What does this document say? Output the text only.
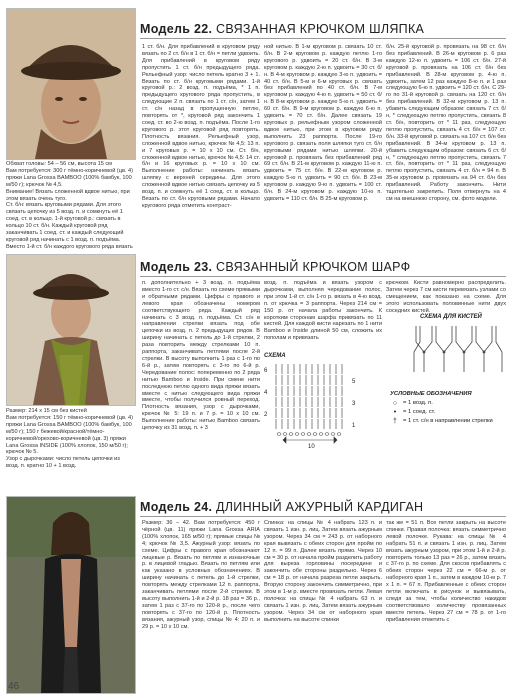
Модель 22. СВЯЗАННАЯ КРЮЧКОМ ШЛЯПКА

Обхват головы: 54 – 56 см, высота 15 см

Вам потребуется: 300 г тёмно-коричневой (цв. 4) пряжи Lana Grossa BAMBOO (100% бамбук, 100 м/50 г); крючок № 4,5.

Внимание! Вязать сложенной вдвое нитью, при этом вязать очень туго.

Ст. б/н: вязать круговыми рядами. Для этого связать цепочку из 5 возд. п. и сомкнуть её 1 соед. ст. в кольцо. 1-й круговой р.: связать в кольцо 10 ст. б/н. Каждый круговой ряд заканчивать 1 соед. ст. и каждый следующий круговой ряд начинать с 1 возд. п. подъёма. Вместо 1-й ст. б/н каждого кругового ряда вязать

1 ст. б/н. Для прибавлений в круговом ряду вязать по 2 ст. б/н в 1 ст. б/н = петли удвоить. Для прибавлений в круговом ряду пропустить 1 ст. б/н предыдущего ряда. Рельефный узор: число петель кратно 3 + 1. Вязать по ст. б/н круговыми рядами. 1-й круговой р.: 2 возд. п. подъёма, * 1 п. предыдущего кругового ряда пропустить, в следующие 2 п. связать по 1 ст. с/н, затем 1 ст. с/н назад в пропущенную петлю, повторять от *, круговой ряд закончить 1 соед. ст. во 2-ю возд. п. подъёма. После 1-го кругового р. этот круговой ряд повторять. Плотность вязания. Рельефный узор, сложенной вдвое нитью, крючок № 4,5: 13 п. и 7 круговых р. = 10 х 10 см. Ст. б/н, сложенной вдвое нитью, крючок № 4,5: 14 ст. б/н и 16 круговых р. = 10 х 10 см. Выполнение работы: начинать вязать шляпку с верхней середины. Для этого сложенной вдвое нитью связать цепочку из 5 возд. п. и сомкнуть её 1 соед. ст. в кольцо. Вязать по ст. б/н круговыми рядами. Начало кругового ряда отметить контраст-

ной нитью. В 1-м круговом р. связать 10 ст. б/н. В 2-м круговом р. каждую петлю 1-го кругового р. удвоить = 20 ст. б/н. В 3-м круговом р. каждую 2-ю п. удвоить = 30 ст. б/н. В 4-м круговом р. каждую 3-ю п. удвоить = 40 ст. б/н. В 5-м и 6-м круговых р. связать без прибавлений по 40 ст. б/н. В 7-м круговом р. каждую 4-ю п. удвоить = 50 ст. б/н. В 8-м круговом р. каждую 5-ю п. удвоить = 60 ст. б/н. В 9-м круговом р. каждую 6-ю п. удвоить = 70 ст. б/н. Далее связать 19 круговых р. рельефным узором сложенной вдвое нитью, при этом в круговом ряду выполнить 23 раппорта. После 19-го кругового р. связать поля шляпки туго ст. б/н круговыми рядами нитью шляпки. 20-й круговой р. провязать без прибавлений ряд 69 ст. б/н. В 21-м круговом р. каждую 11-ю п. удвоить = 75 ст. б/н. В 22-м круговом р. каждую 5-ю п. удвоить = 90 ст. б/н. В 23-м круговом р. каждую 9-ю п. удвоить = 100 ст. б/н. В 24-м круговом р. каждую 10-ю п. удвоить = 110 ст. б/н. В 25-м круговом р.

б/н. 25-й круговой р. провязать на 98 ст. б/н без прибавлений. В 26-м круговом р. 6 раз каждую 12-ю п. удвоить = 106 ст. б/н. 27-й круговой р. провязать на 106 ст. б/н без прибавлений. В 28-м круговом р. 4-ю п. удвоить, затем 12 раз каждую 8-ю п. и 1 раз следующую 6-ю п. удвоить = 120 ст. б/н. С 29-го по 31-й круговой р. связать на 120 ст. б/н без прибавлений. В 32-м круговом р. 13 п. убавить следующим образом: связать 7 ст. б/н, * следующую петлю пропустить, связать 8 ст. б/н, повторить от * 11 раз, следующую петлю пропустить, связать 4 ст. б/н = 107 ст. б/н. 33-й круговой р. связать на 107 ст. б/н без прибавлений. В 34-м круговом р. 13 п. убавить следующим образом: связать 6 ст. б/н, * следующую петлю пропустить, связать 7 ст. б/н, повторить от * 11 раз, следующую петлю пропустить, связать 4 ст. б/н = 94 п. В 35-м круговом р. провязать на 94 ст. б/н без прибавлений. Работу закончить. Нити тщательно закрепить. Поля отвернуть на 4 см на внешнюю сторону, см. фото модели.

Модель 23. СВЯЗАННЫЙ КРЮЧКОМ ШАРФ

Размер: 214 х 15 см без кистей

Вам потребуется: 150 г тёмно-коричневой (цв. 4) пряжи Lana Grossa BAMBOO (100% бамбук, 100 м/50 г); 150 г бежевой/красной/тёмно-коричневой/орехово-коричневой (цв. 3) пряжи Lana Grossa INSIDE (100% хлопок, 150 м/50 г); крючок № 5.

Узор с дырочками: число петель цепочки из возд. п. кратно 10 + 1 возд.

п. дополнительно + 3 возд. п. подъёма вместо 1-го ст. с/н. Вязать по схеме прямыми и обратными рядами. Цифры с правого и левого края обозначены номером соответствующего ряда. Каждый ряд начинать с 3 возд. п. подъёма. Ст. с/н в направлении стрелки вязать под обе цепочки из возд. п. 2 предыдущих рядов. В ширину начинать с петель до 1-й стрелки, 2 раза повторить между стрелками 10 п. раппорта, заканчивать петлями после 2-й стрелки. В высоту выполнить 1 раз с 1-го по 6-й р., затем повторять с 3-го по 6-й р. Чередование полос: попеременно по 2 ряда нитью Bamboo и Inside. При смене нити последнюю петлю одного вида пряжи вязать вместе с нитью следующего вида пряжи вместе, чтобы получился ровный переход. Плотность вязания, узор с дырочками, крючок № 5: 19 п. и 7 р. = 10 х 10 см. Выполнение работы: нитью Bamboo связать цепочку из 31 возд. п. + 3

возд. п. подъёма и вязать узором с дырочками, выполняя чередование полос, при этом 1-й ст. с/н 1-го р. вязать в 4-ю возд. п. от крючка = 3 раппорта. Через 214 см = 150 р. от начала работы закончить. К коротким сторонам шарфа привязать по 11 кистей. Для каждой кисти нарезать по 1 нити Bamboo и Inside длиной 50 см, сложить их пополам и привязать

крючком. Кисти равномерно распределить. Затем через 7 см кисти перевязать узлами со смещением, как показано на схеме. Для этого использовать половинные нити двух соседних кистей.

СХЕМА ДЛЯ КИСТЕЙ
СХЕМА
6
4
2
5
3
1
10
УСЛОВНЫЕ ОБОЗНАЧЕНИЯ
○	= 1 возд. п.
•	= 1 соед. ст.
†	= 1 ст. с/н в направлении стрелки
Модель 24. ДЛИННЫЙ АЖУРНЫЙ КАРДИГАН

Размер: 36 – 42. Вам потребуется: 450 г чёрной (цв. 11) пряжи Lana Grossa ARIA (100% хлопок, 165 м/50 г); прямые спицы № 4; крючок № 3,5. Ажурный узор: вязать по схеме. Цифры с правого края обозначают лицевые р. Вязать по петлям и изнаночные р. в лицевой гладью. Вязать по петлям или как указано в условных обозначениях. В ширину начинать с петель до 1-й стрелки, повторять между стрелками 12 п. раппорта, заканчивать петлями после 2-й стрелки. В высоту выполнить 1-й и 2-й р. 18 раз = 36 р., затем 1 раз с 37-го по 120-й р., после чего повторять с 37-го по 120-й р. Плотность вязания, ажурный узор, спицы № 4: 20 п. и 29 р. = 10 х 10 см.

Спинка: на спицы № 4 набрать 123 п. и связать 1 изн. р. лиц. Затем вязать ажурным узором. Через 34 см = 243 р. от наборного края вывязать с обеих сторон для пройм по 12 п. = 99 п. Далее вязать прямо. Через 10 см = 30 р. от начала пройм разделить работу для выреза горловины посередине и закончить обе стороны раздельно. Через 6 см = 18 р. от начала разреза петли закрыть. Вторую сторону закончить симметрично, при этом в 1-м р. вместе провязать петли. Левая полочка: на спицы № 4 набрать 63 п. и связать 1 изн. р. лиц. Затем вязать ажурным узором. Через 34 см от наборного края выполнить на высоте спинки

так же = 51 п. Все петли закрыть на высоте спинки. Правая полочка: вязать симметрично левой полочке. Рукава: на спицы № 4 набрать 51 п. и связать 1 изн. р. лиц. Затем вязать ажурным узором, при этом 1-й и 2-й р. повторить только 13 раз = 26 р., затем вязать с 37-го р. по схеме. Для скосов прибавлять с обеих сторон через 22 см = 66-м р. от наборного края 1 п., затем в каждом 10-м р. 7 х 1 п. = 67 п. Прибавленные с обеих сторон петли включать в рисунок и вывязывать, следя за тем, чтобы количество накидов соответствовало количеству провязанных вместе петель. Через 27 см = 78 р. от 1-го прибавления отметить с

46
